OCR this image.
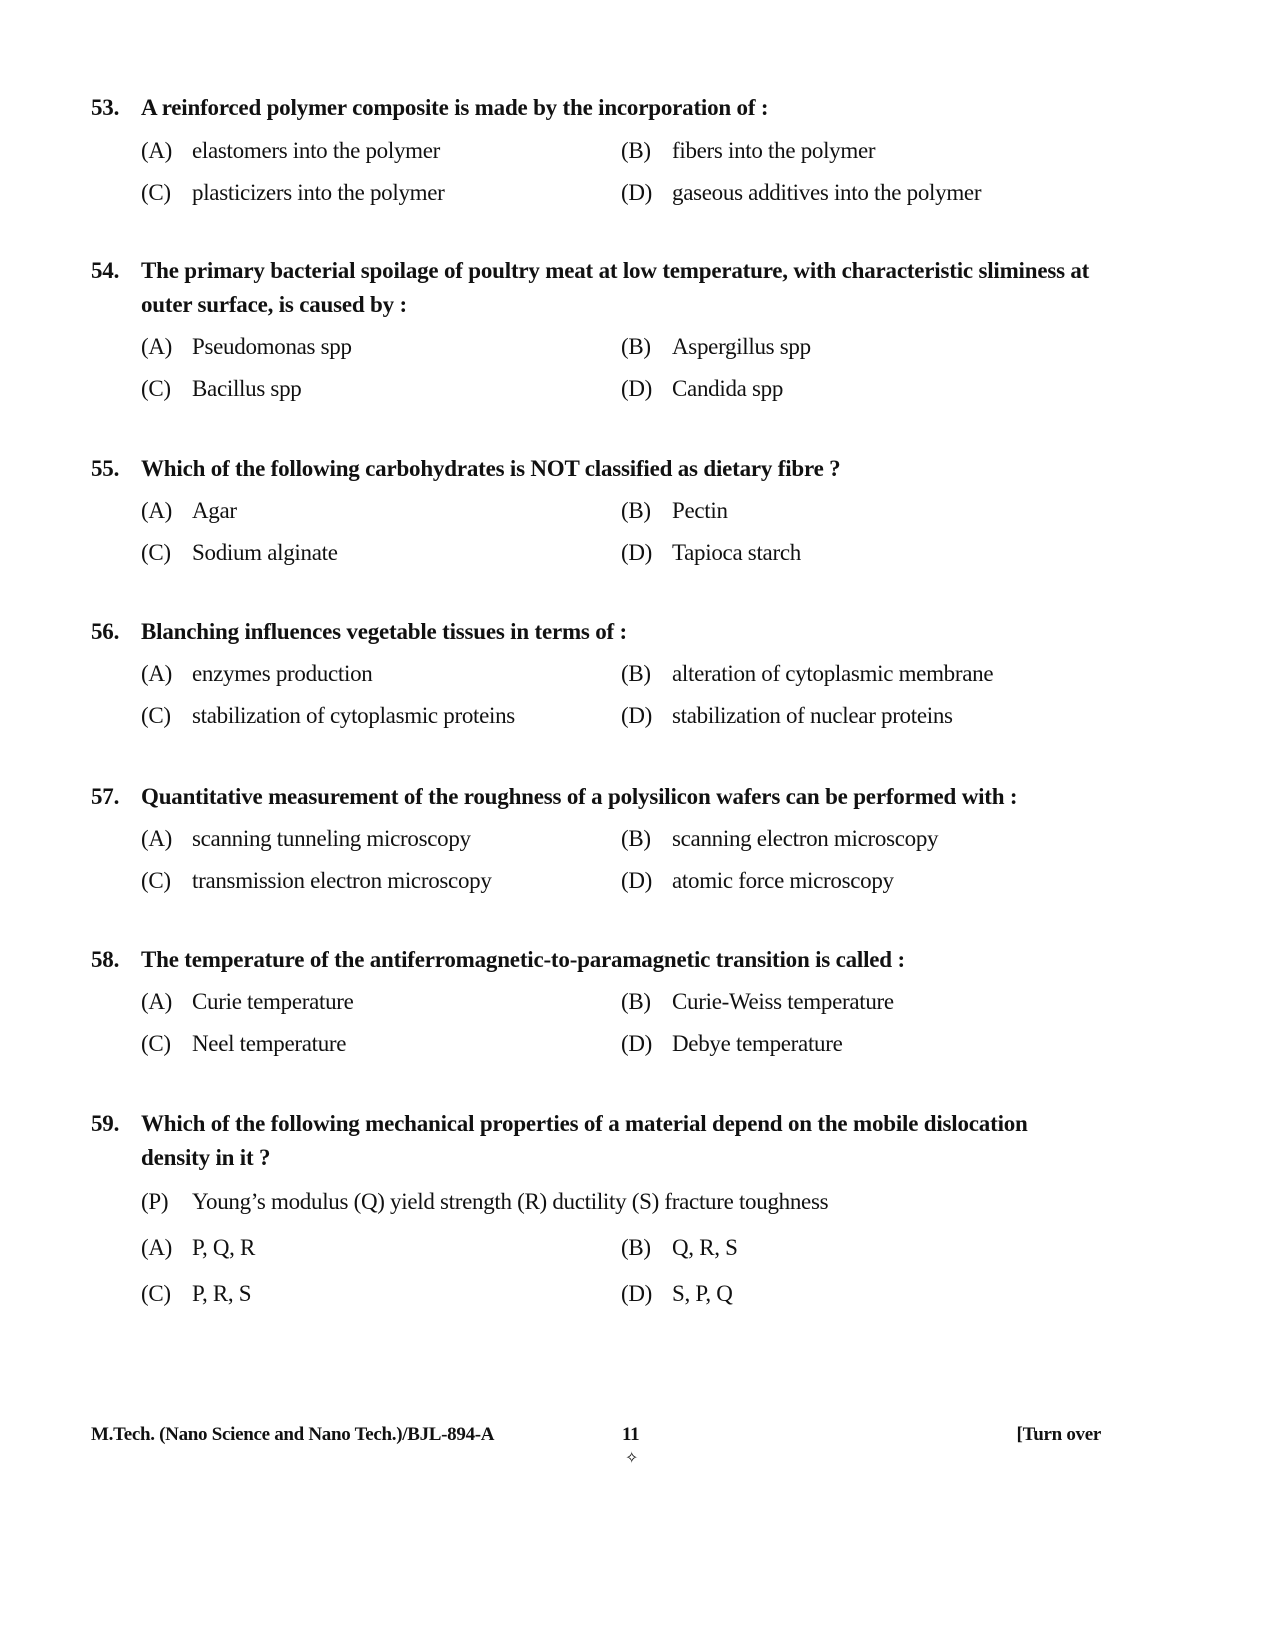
53. A reinforced polymer composite is made by the incorporation of :
(A) elastomers into the polymer	(B) fibers into the polymer
(C) plasticizers into the polymer	(D) gaseous additives into the polymer
54. The primary bacterial spoilage of poultry meat at low temperature, with characteristic sliminess at outer surface, is caused by :
(A) Pseudomonas spp	(B) Aspergillus spp
(C) Bacillus spp	(D) Candida spp
55. Which of the following carbohydrates is NOT classified as dietary fibre ?
(A) Agar	(B) Pectin
(C) Sodium alginate	(D) Tapioca starch
56. Blanching influences vegetable tissues in terms of :
(A) enzymes production	(B) alteration of cytoplasmic membrane
(C) stabilization of cytoplasmic proteins	(D) stabilization of nuclear proteins
57. Quantitative measurement of the roughness of a polysilicon wafers can be performed with :
(A) scanning tunneling microscopy	(B) scanning electron microscopy
(C) transmission electron microscopy	(D) atomic force microscopy
58. The temperature of the antiferromagnetic-to-paramagnetic transition is called :
(A) Curie temperature	(B) Curie-Weiss temperature
(C) Neel temperature	(D) Debye temperature
59. Which of the following mechanical properties of a material depend on the mobile dislocation density in it ?
(P)	Young’s modulus (Q) yield strength (R) ductility (S) fracture toughness
(A) P, Q, R	(B) Q, R, S
(C) P, R, S	(D) S, P, Q
M.Tech. (Nano Science and Nano Tech.)/BJL-894-A	11
✧
[Turn over
